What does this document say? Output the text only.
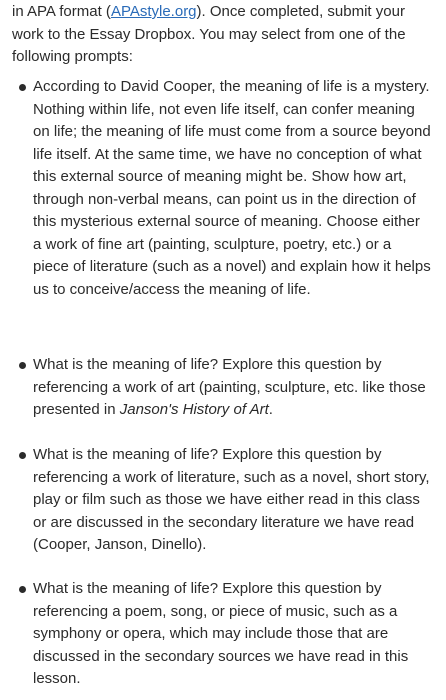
in APA format (APAstyle.org). Once completed, submit your work to the Essay Dropbox. You may select from one of the following prompts:

According to David Cooper, the meaning of life is a mystery. Nothing within life, not even life itself, can confer meaning on life; the meaning of life must come from a source beyond life itself. At the same time, we have no conception of what this external source of meaning might be. Show how art, through non-verbal means, can point us in the direction of this mysterious external source of meaning. Choose either a work of fine art (painting, sculpture, poetry, etc.) or a piece of literature (such as a novel) and explain how it helps us to conceive/access the meaning of life.

What is the meaning of life? Explore this question by referencing a work of art (painting, sculpture, etc. like those presented in Janson's History of Art.

What is the meaning of life? Explore this question by referencing a work of literature, such as a novel, short story, play or film such as those we have either read in this class or are discussed in the secondary literature we have read (Cooper, Janson, Dinello).

What is the meaning of life? Explore this question by referencing a poem, song, or piece of music, such as a symphony or opera, which may include those that are discussed in the secondary sources we have read in this lesson.
